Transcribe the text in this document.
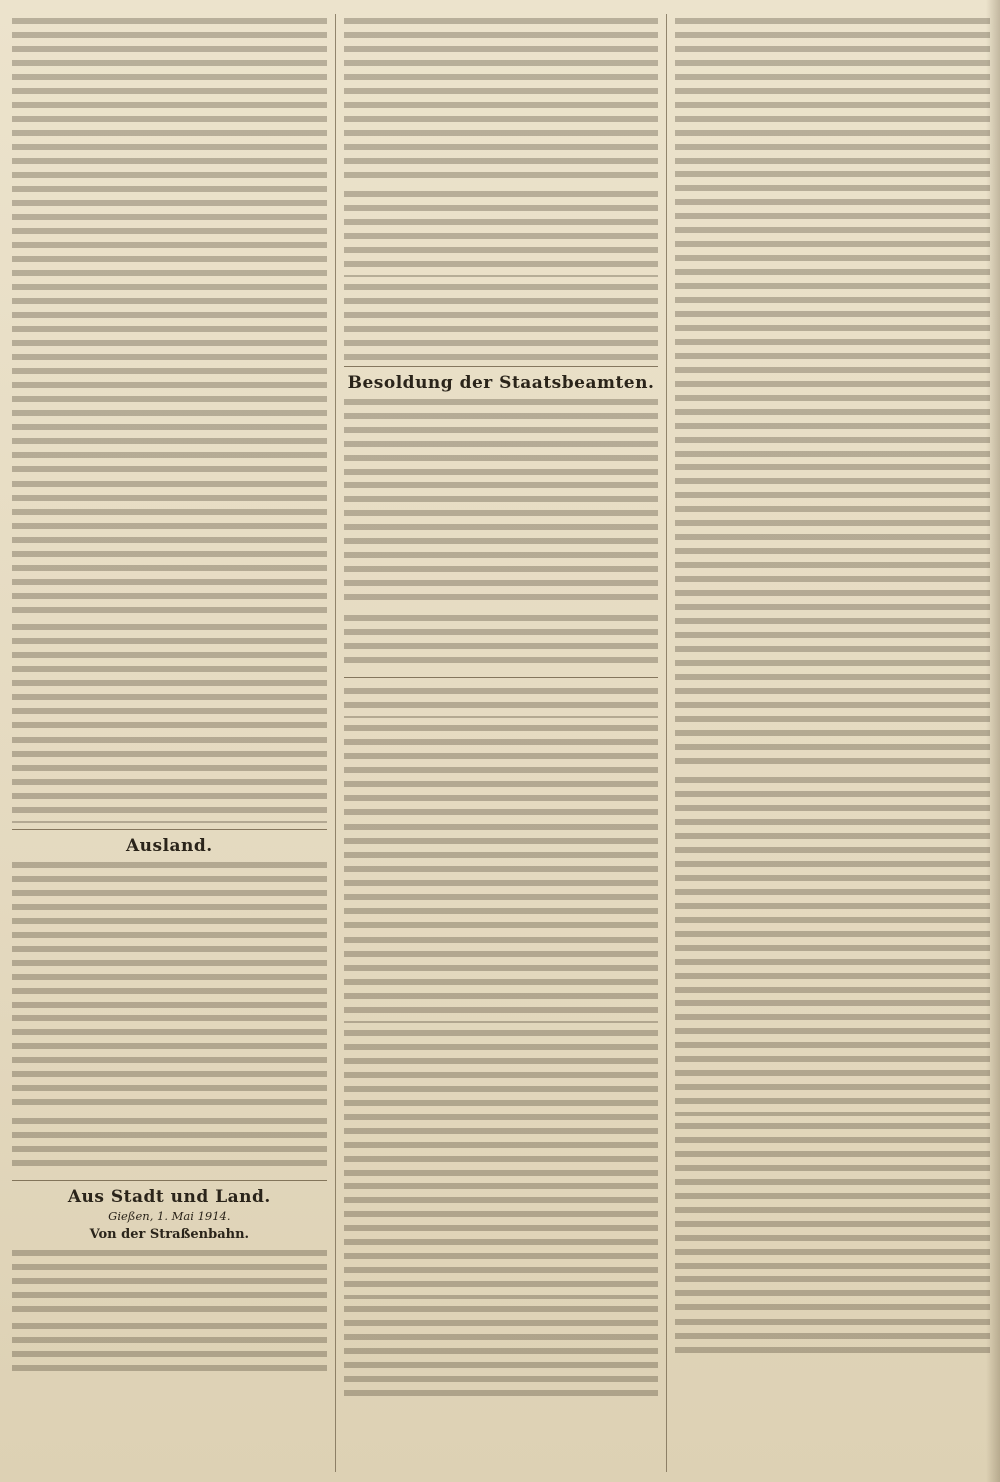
Ausland.

Aus Stadt und Land.
Gießen, 1. Mai 1914.
Von der Straßenbahn.

Besoldung der Staatsbeamten.
